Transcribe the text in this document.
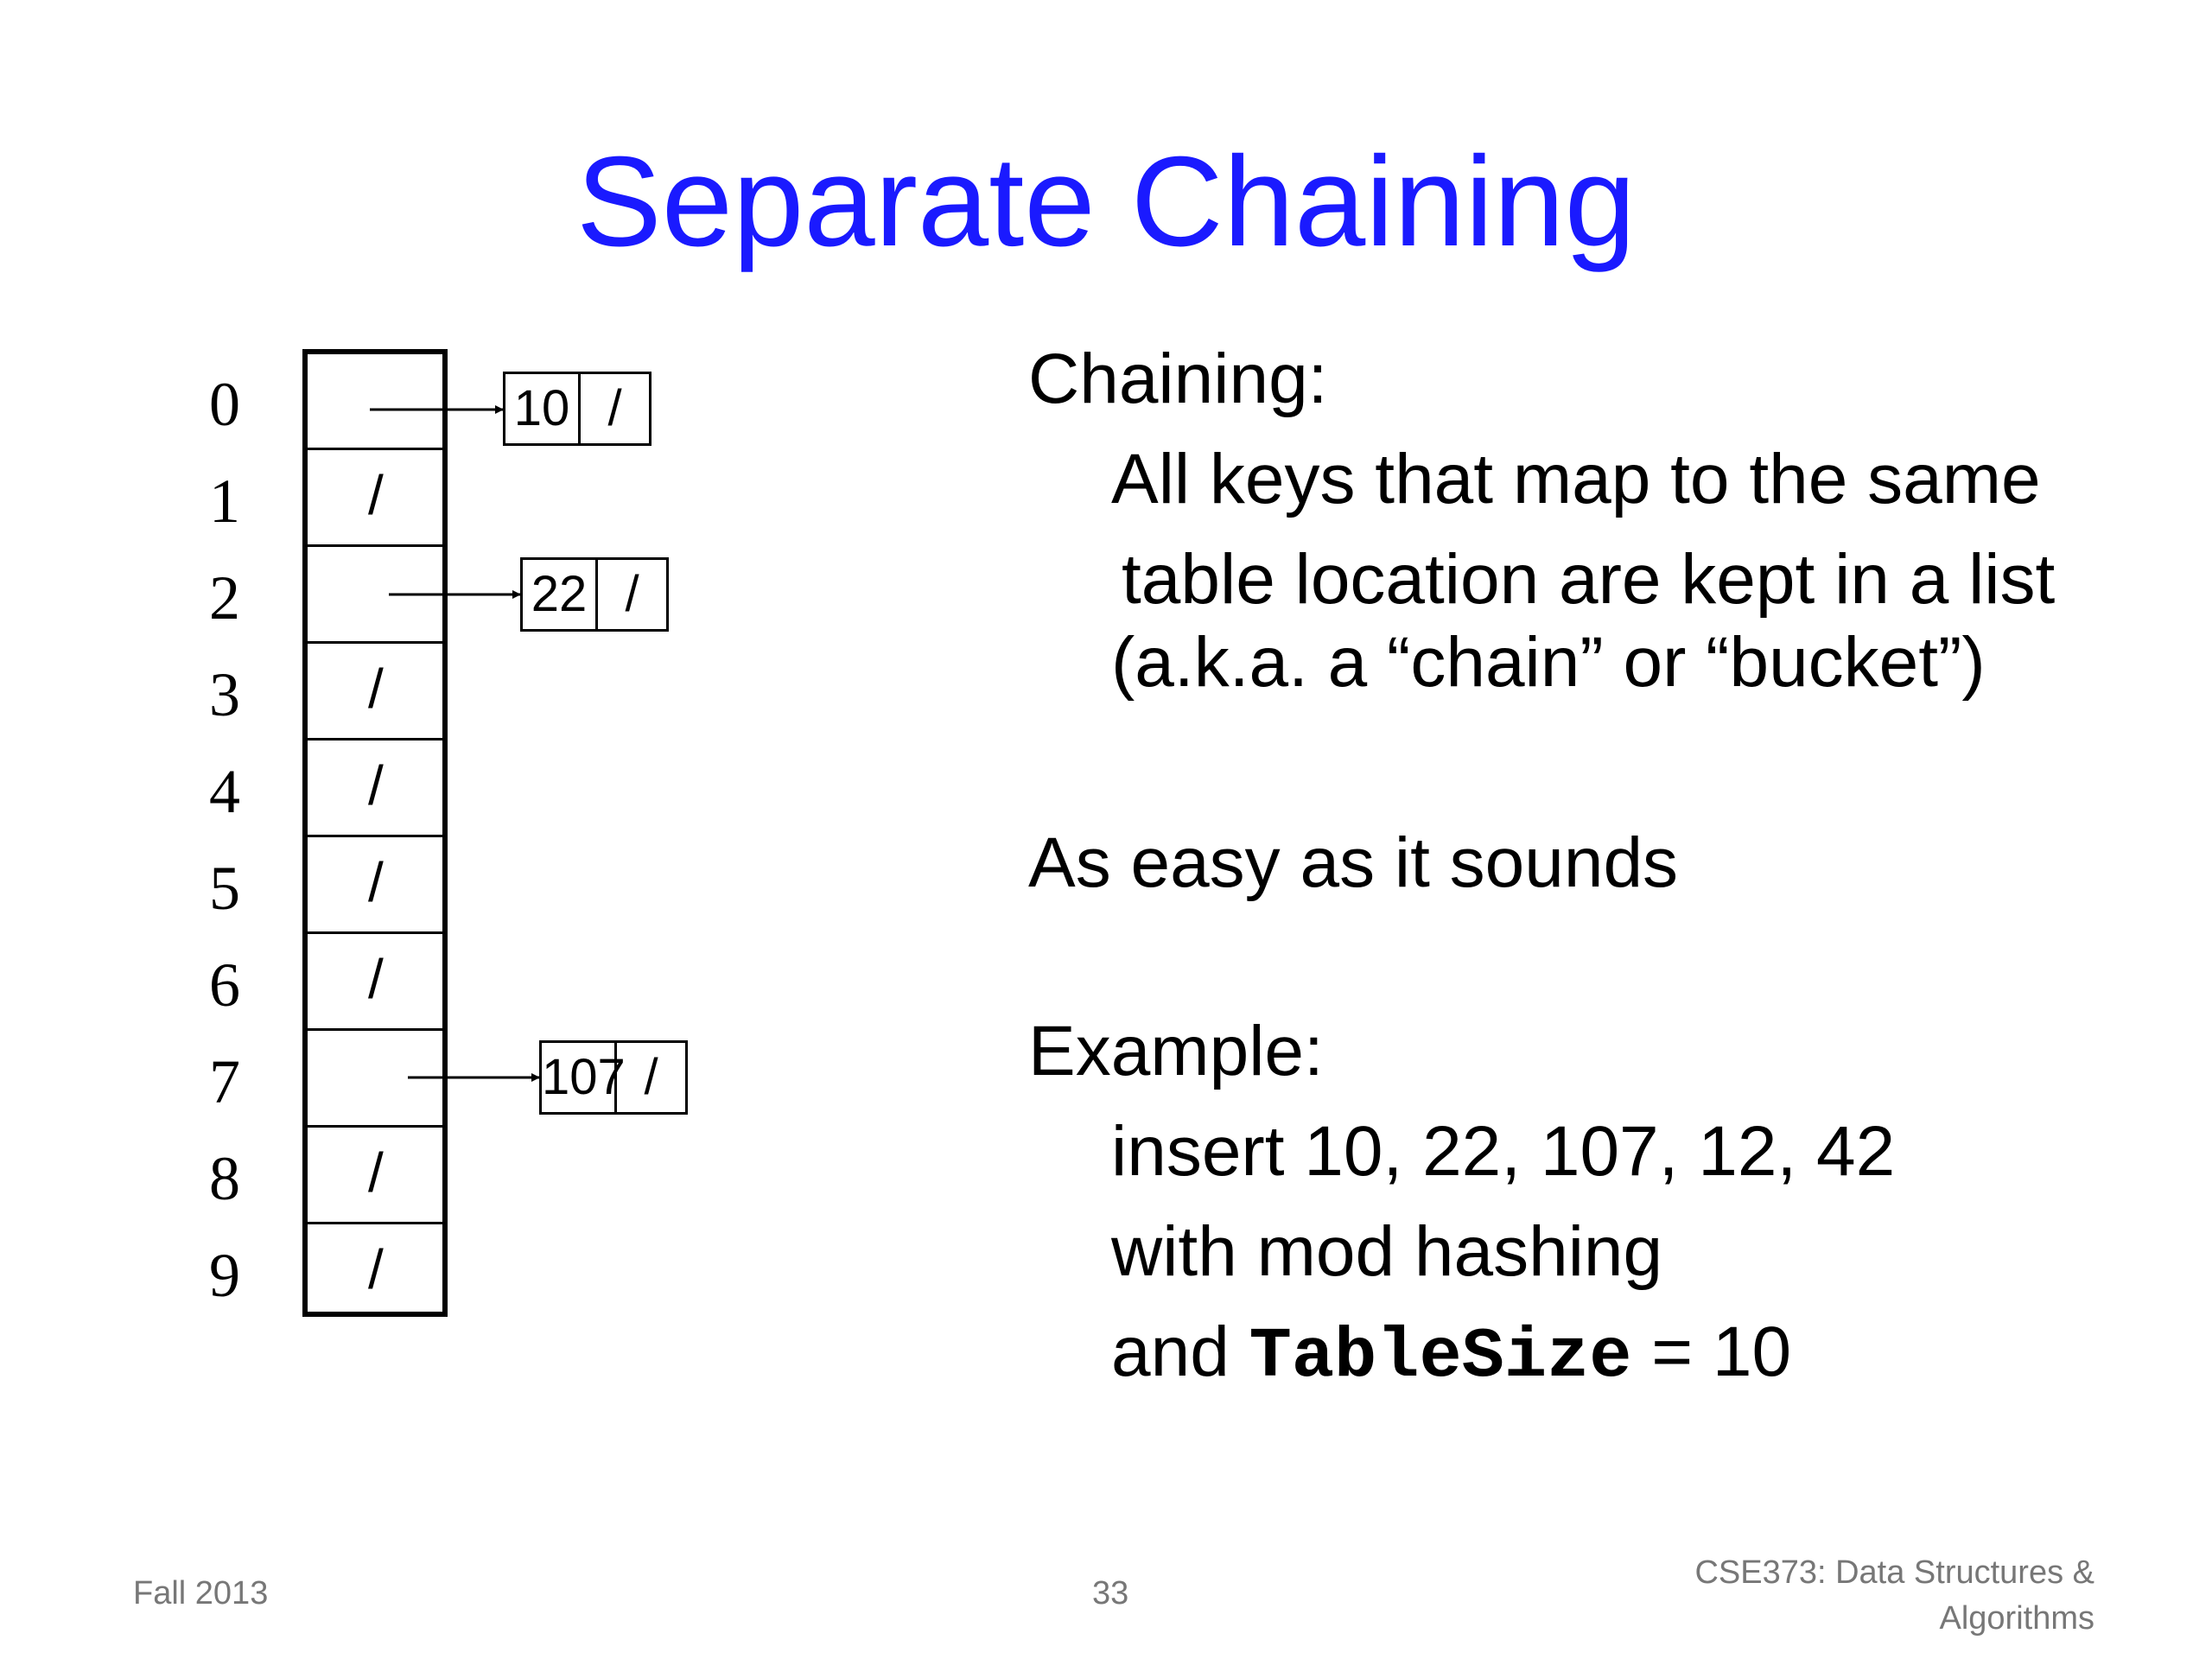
Separate Chaining
0
1
2
3
4
5
6
7
8
9
/
/
/
/
/
/
/
10 /
22 /
107 /
Chaining:
All keys that map to the same
table location are kept in a list
(a.k.a. a “chain” or “bucket”)
As easy as it sounds
Example:
insert 10, 22, 107, 12, 42
with mod hashing
and TableSize = 10
Fall 2013	33
CSE373: Data Structures &
Algorithms
